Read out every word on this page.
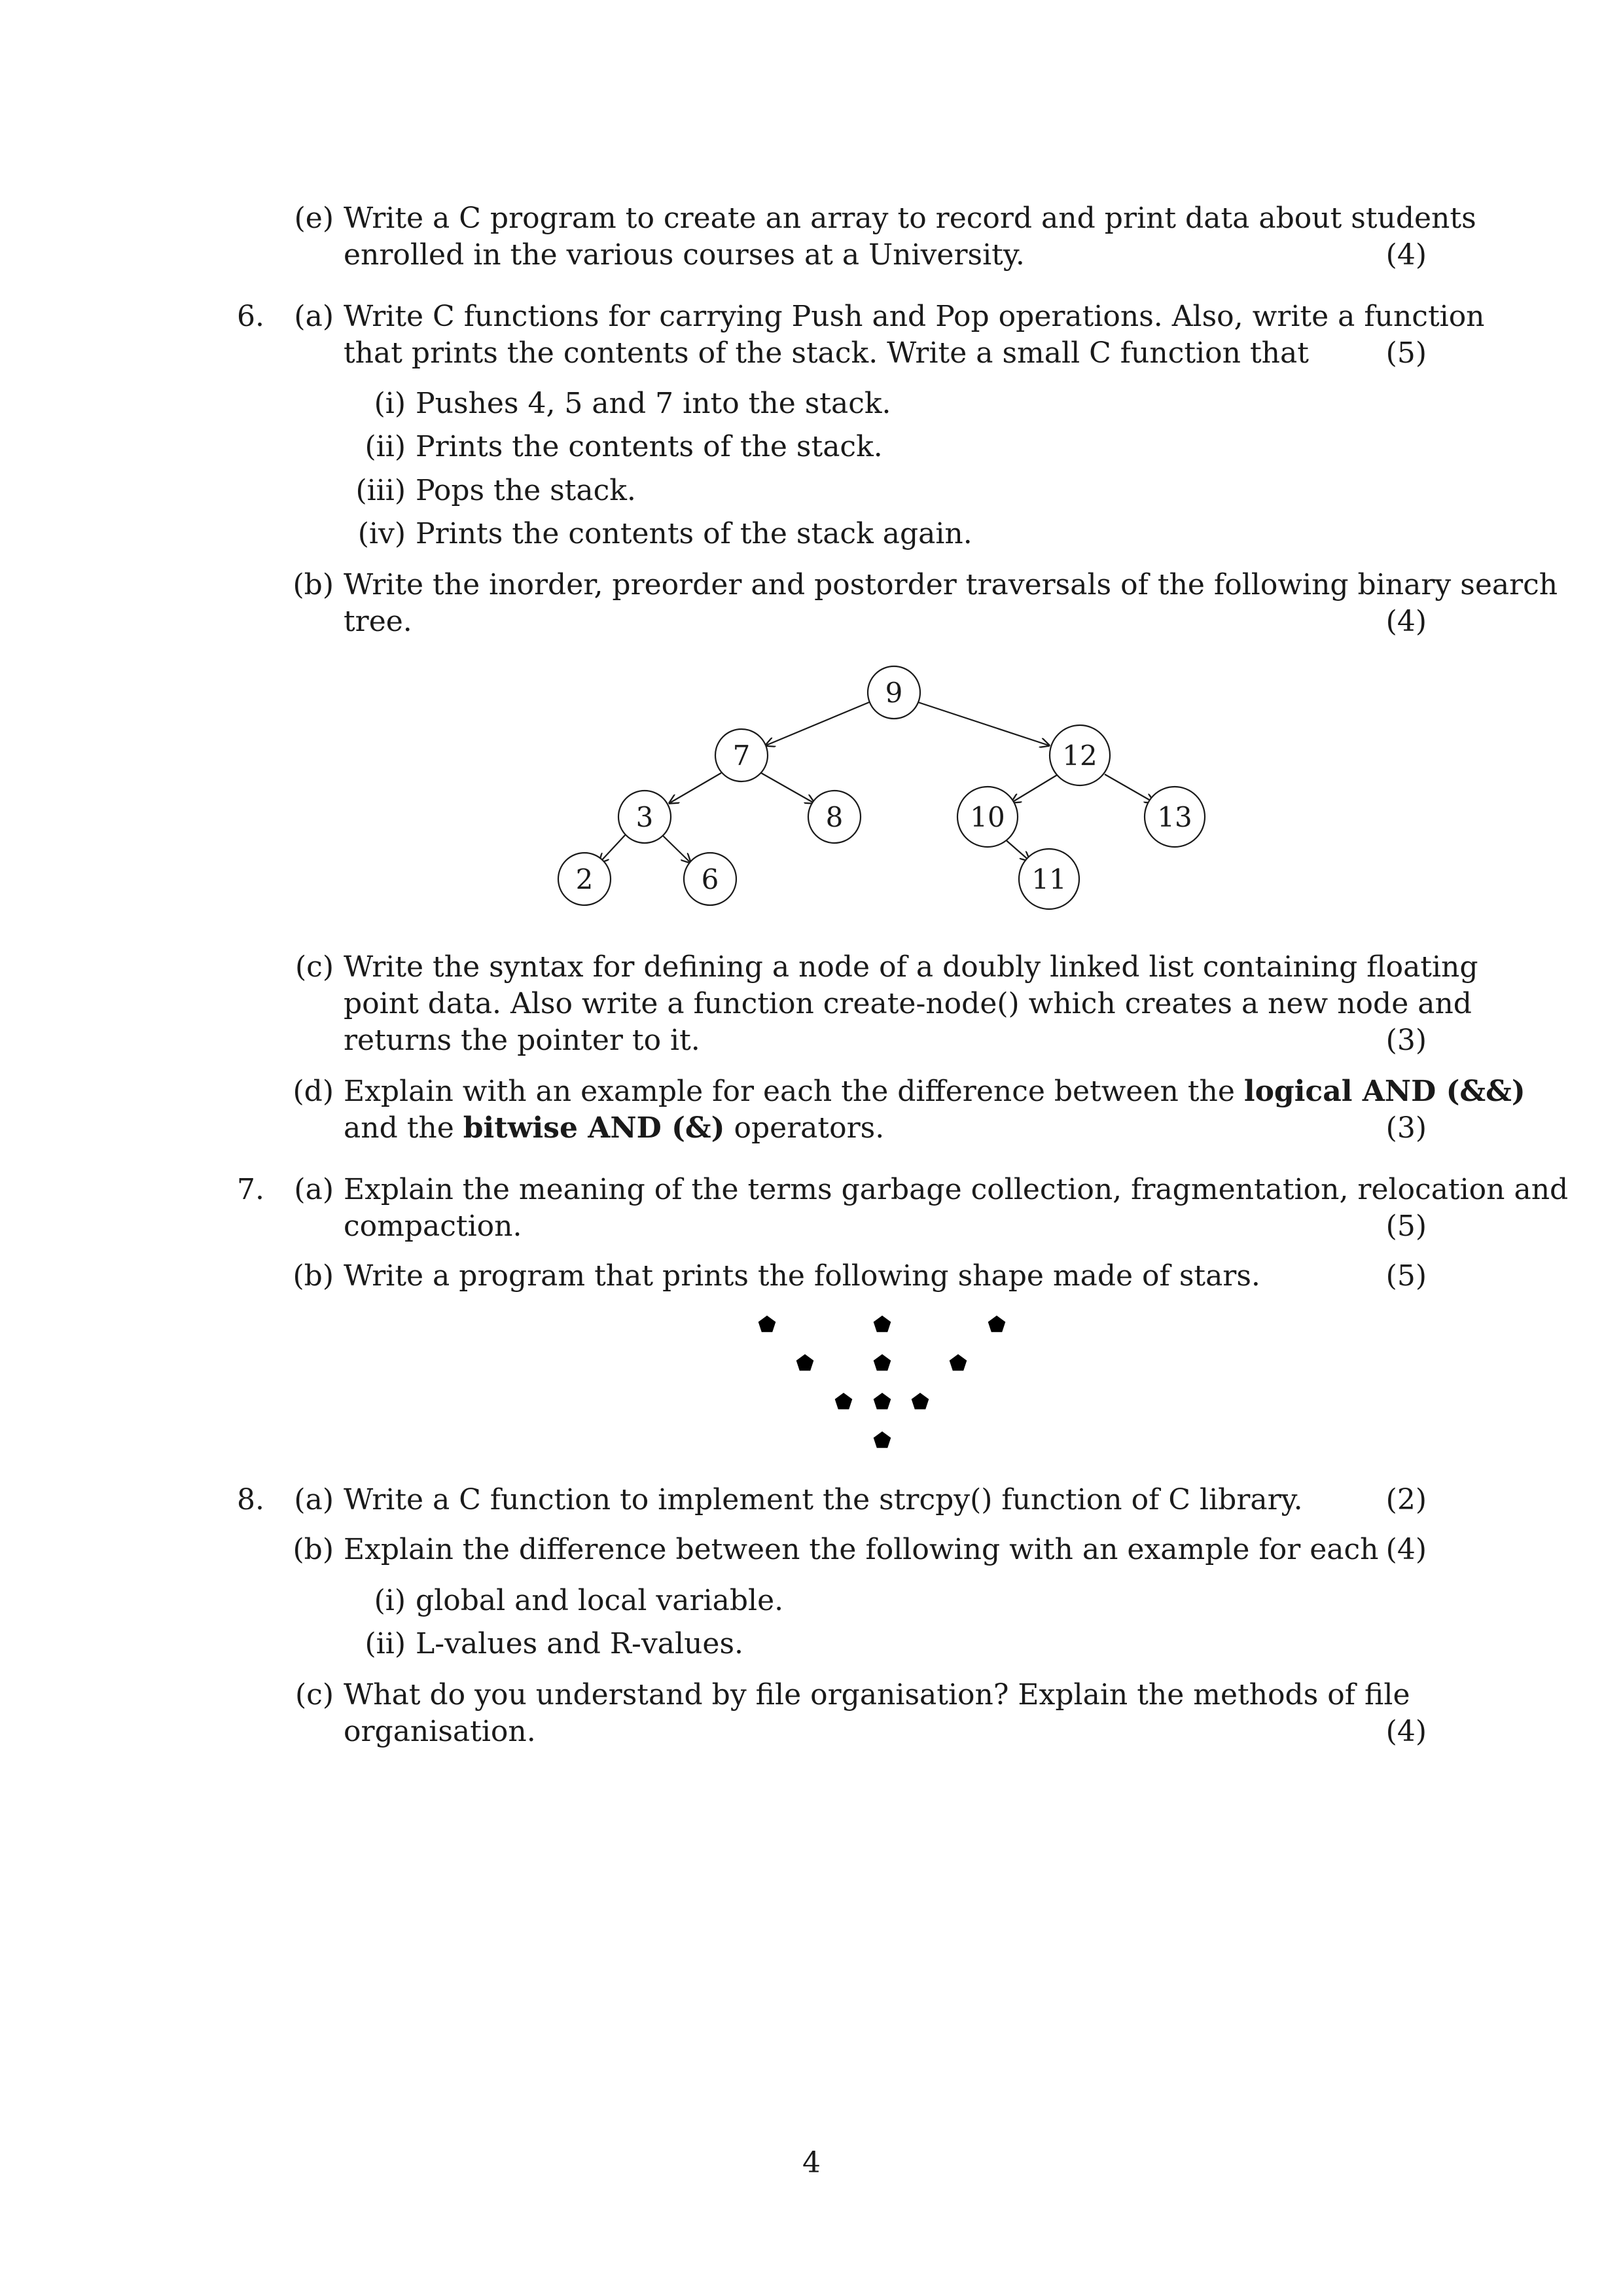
(e) Write a C program to create an array to record and print data about students
enrolled in the various courses at a University.	(4)
6.	(a) Write C functions for carrying Push and Pop operations. Also, write a function
that prints the contents of the stack. Write a small C function that	(5)
(i) Pushes 4, 5 and 7 into the stack.
(ii) Prints the contents of the stack.
(iii) Pops the stack.
(iv) Prints the contents of the stack again.
(b) Write the inorder, preorder and postorder traversals of the following binary search
tree.	(4)
9
7	12
3	8	10	13
2	6	11
(c) Write the syntax for defining a node of a doubly linked list containing floating
point data. Also write a function create-node() which creates a new node and
returns the pointer to it.	(3)
(d) Explain with an example for each the difference between the logical AND (&&)
and the bitwise AND (&) operators.	(3)
7.	(a) Explain the meaning of the terms garbage collection, fragmentation, relocation and
compaction.	(5)
(b) Write a program that prints the following shape made of stars.	(5)
8.	(a) Write a C function to implement the strcpy() function of C library.	(2)
(b) Explain the difference between the following with an example for each (4)
(i) global and local variable.
(ii) L-values and R-values.
(c) What do you understand by file organisation? Explain the methods of file
organisation.	(4)
4
